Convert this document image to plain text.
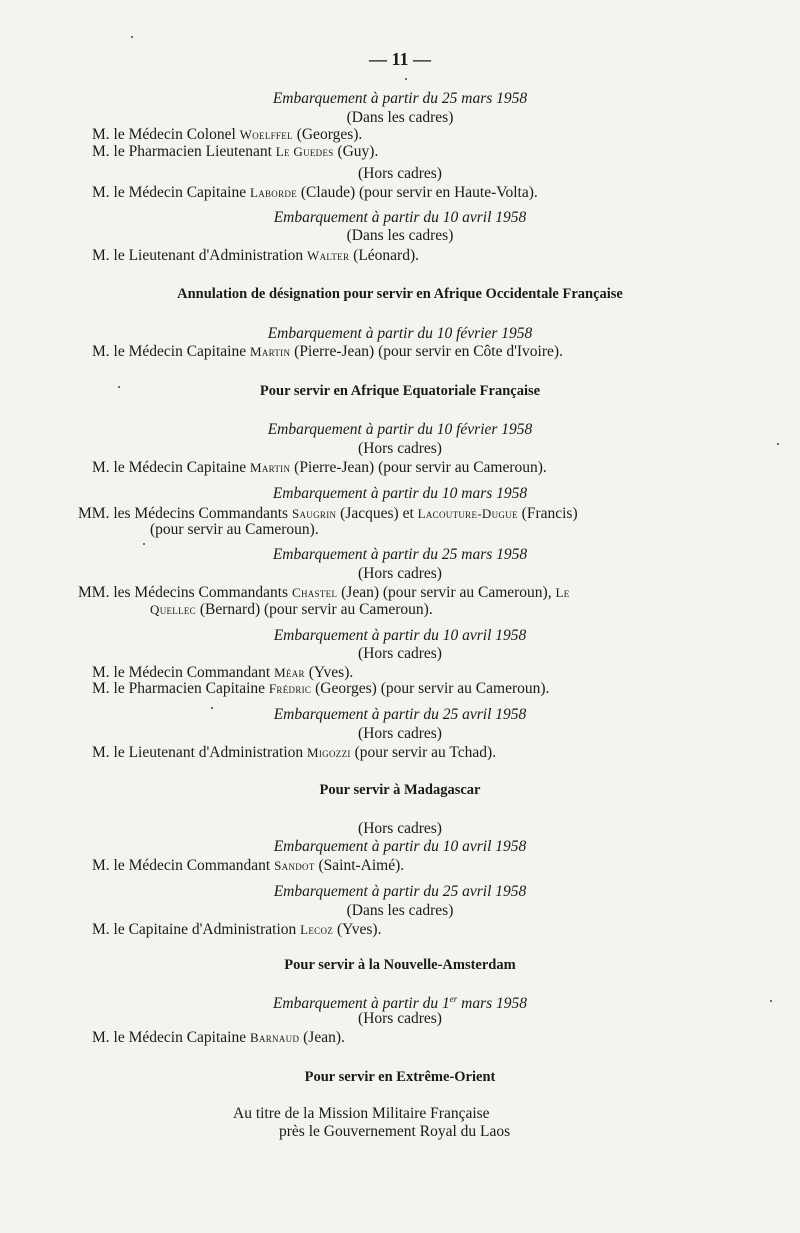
— 11 —
Embarquement à partir du 25 mars 1958
(Dans les cadres)
M. le Médecin Colonel Woelffel (Georges).
M. le Pharmacien Lieutenant Le Guedes (Guy).
(Hors cadres)
M. le Médecin Capitaine Laborde (Claude) (pour servir en Haute-Volta).
Embarquement à partir du 10 avril 1958
(Dans les cadres)
M. le Lieutenant d'Administration Walter (Léonard).
Annulation de désignation pour servir en Afrique Occidentale Française
Embarquement à partir du 10 février 1958
M. le Médecin Capitaine Martin (Pierre-Jean) (pour servir en Côte d'Ivoire).
Pour servir en Afrique Equatoriale Française
Embarquement à partir du 10 février 1958
(Hors cadres)
M. le Médecin Capitaine Martin (Pierre-Jean) (pour servir au Cameroun).
Embarquement à partir du 10 mars 1958
MM. les Médecins Commandants Saugrin (Jacques) et Lacouture-Dugue (Francis)
(pour servir au Cameroun).
Embarquement à partir du 25 mars 1958
(Hors cadres)
MM. les Médecins Commandants Chastel (Jean) (pour servir au Cameroun), Le
Quellec (Bernard) (pour servir au Cameroun).
Embarquement à partir du 10 avril 1958
(Hors cadres)
M. le Médecin Commandant Méar (Yves).
M. le Pharmacien Capitaine Frédric (Georges) (pour servir au Cameroun).
Embarquement à partir du 25 avril 1958
(Hors cadres)
M. le Lieutenant d'Administration Migozzi (pour servir au Tchad).
Pour servir à Madagascar
(Hors cadres)
Embarquement à partir du 10 avril 1958
M. le Médecin Commandant Sandot (Saint-Aimé).
Embarquement à partir du 25 avril 1958
(Dans les cadres)
M. le Capitaine d'Administration Lecoz (Yves).
Pour servir à la Nouvelle-Amsterdam
Embarquement à partir du 1er mars 1958
(Hors cadres)
M. le Médecin Capitaine Barnaud (Jean).
Pour servir en Extrême-Orient
Au titre de la Mission Militaire Française
près le Gouvernement Royal du Laos
